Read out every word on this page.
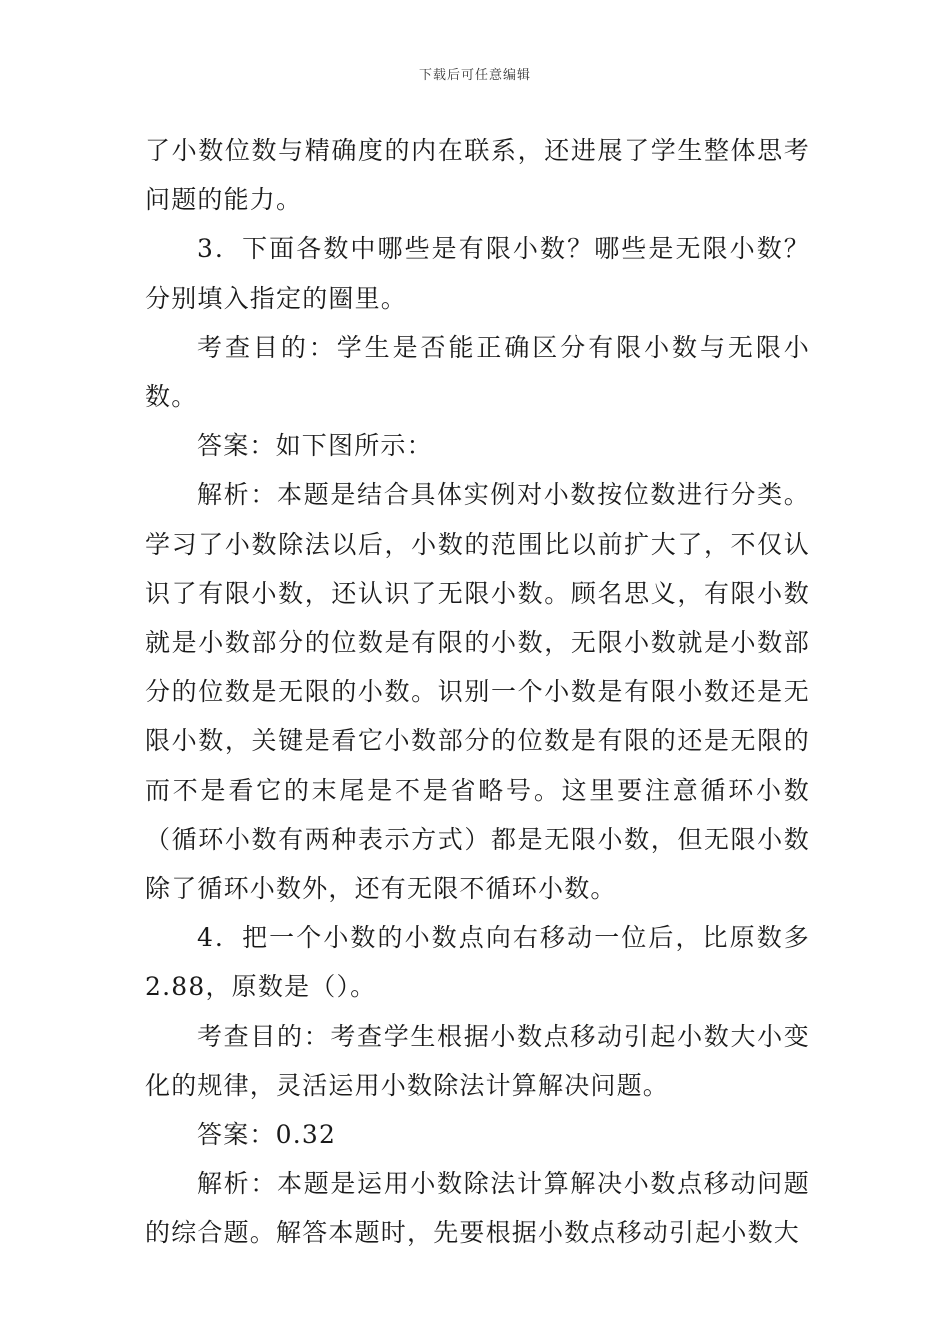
下载后可任意编辑

了小数位数与精确度的内在联系，还进展了学生整体思考问题的能力。

3．下面各数中哪些是有限小数？哪些是无限小数？分别填入指定的圈里。

考查目的：学生是否能正确区分有限小数与无限小数。

答案：如下图所示：

解析：本题是结合具体实例对小数按位数进行分类。学习了小数除法以后，小数的范围比以前扩大了，不仅认识了有限小数，还认识了无限小数。顾名思义，有限小数就是小数部分的位数是有限的小数，无限小数就是小数部分的位数是无限的小数。识别一个小数是有限小数还是无限小数，关键是看它小数部分的位数是有限的还是无限的而不是看它的末尾是不是省略号。这里要注意循环小数（循环小数有两种表示方式）都是无限小数，但无限小数除了循环小数外，还有无限不循环小数。

4．把一个小数的小数点向右移动一位后，比原数多2.88，原数是（）。

考查目的：考查学生根据小数点移动引起小数大小变化的规律，灵活运用小数除法计算解决问题。

答案：0.32

解析：本题是运用小数除法计算解决小数点移动问题的综合题。解答本题时，先要根据小数点移动引起小数大
